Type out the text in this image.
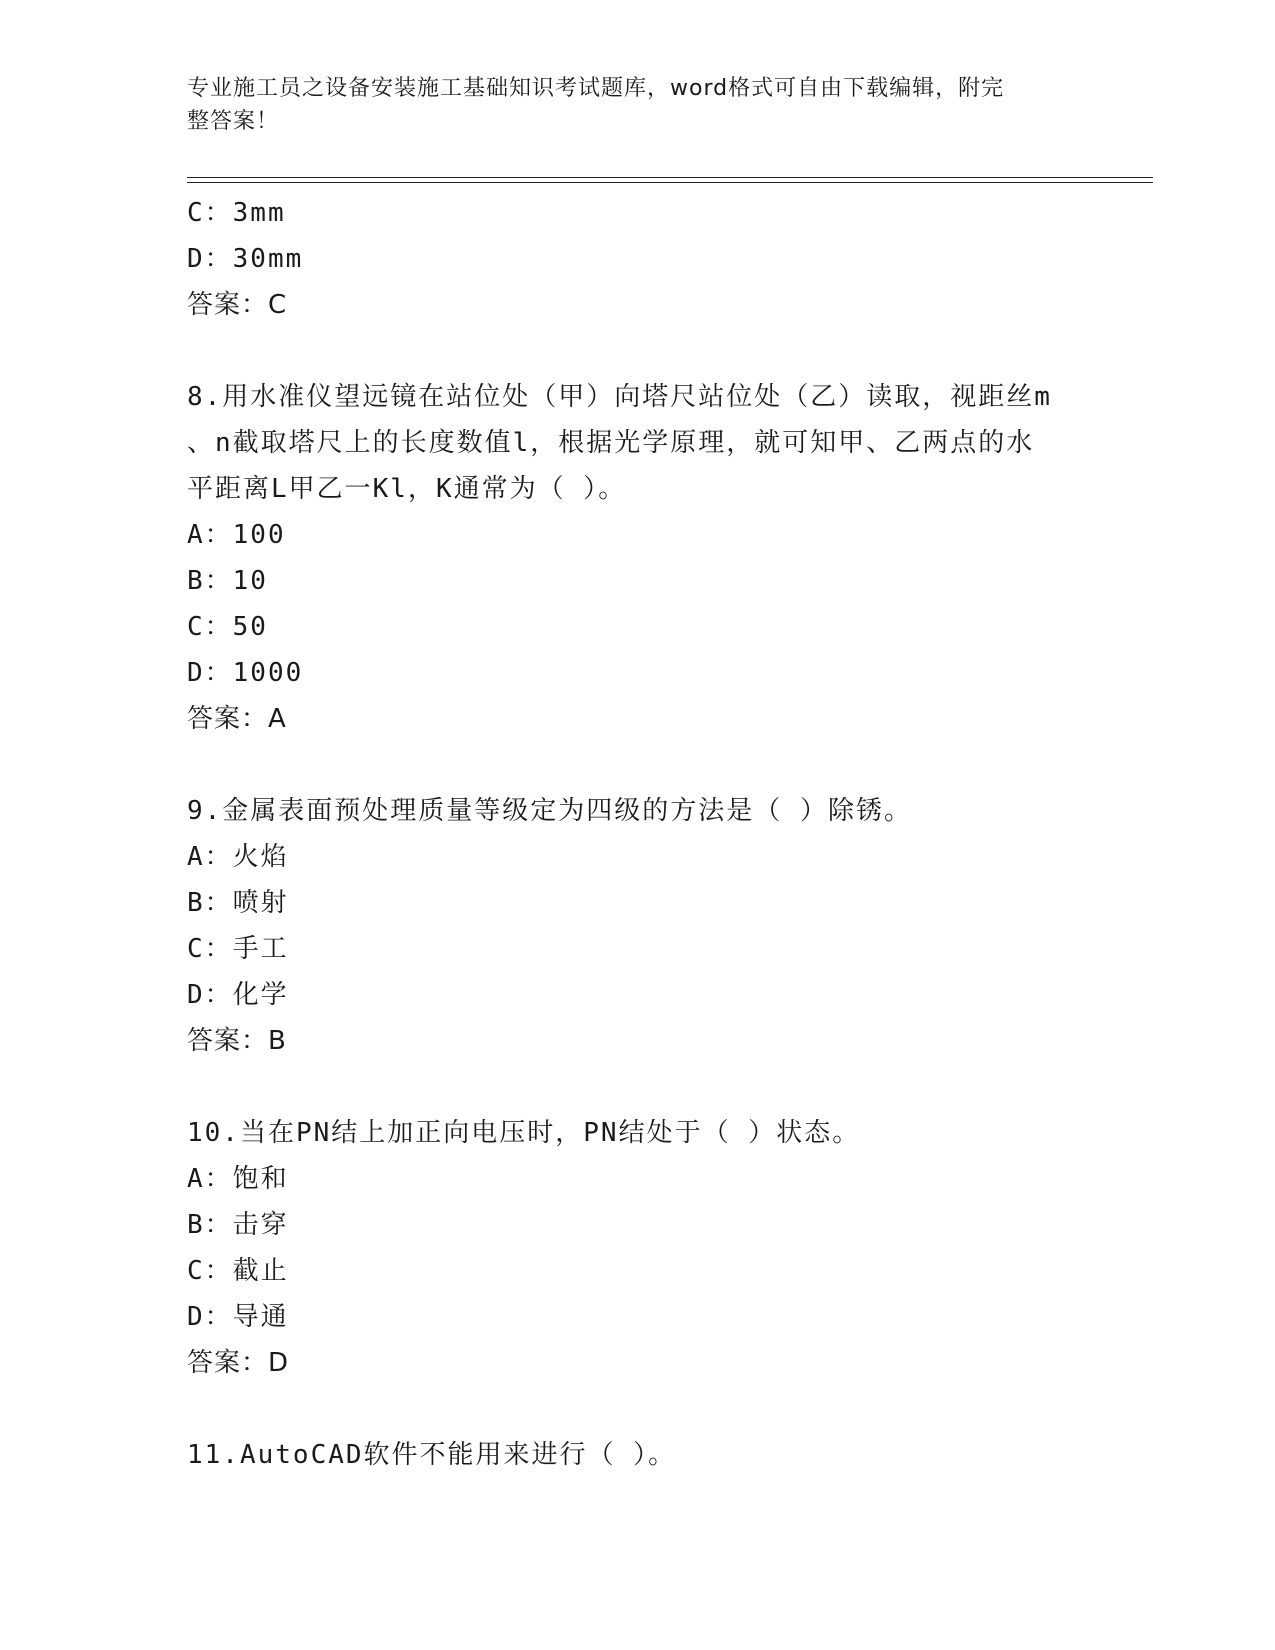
专业施工员之设备安装施工基础知识考试题库，word格式可自由下载编辑，附完
整答案！
C：3mm
D：30mm
答案：C
8.用水准仪望远镜在站位处（甲）向塔尺站位处（乙）读取，视距丝m
、n截取塔尺上的长度数值l，根据光学原理，就可知甲、乙两点的水
平距离L甲乙一Kl，K通常为（ ）。
A：100
B：10
C：50
D：1000
答案：A
9.金属表面预处理质量等级定为四级的方法是（ ）除锈。
A：火焰
B：喷射
C：手工
D：化学
答案：B
10.当在PN结上加正向电压时，PN结处于（ ）状态。
A：饱和
B：击穿
C：截止
D：导通
答案：D
11.AutoCAD软件不能用来进行（ ）。
